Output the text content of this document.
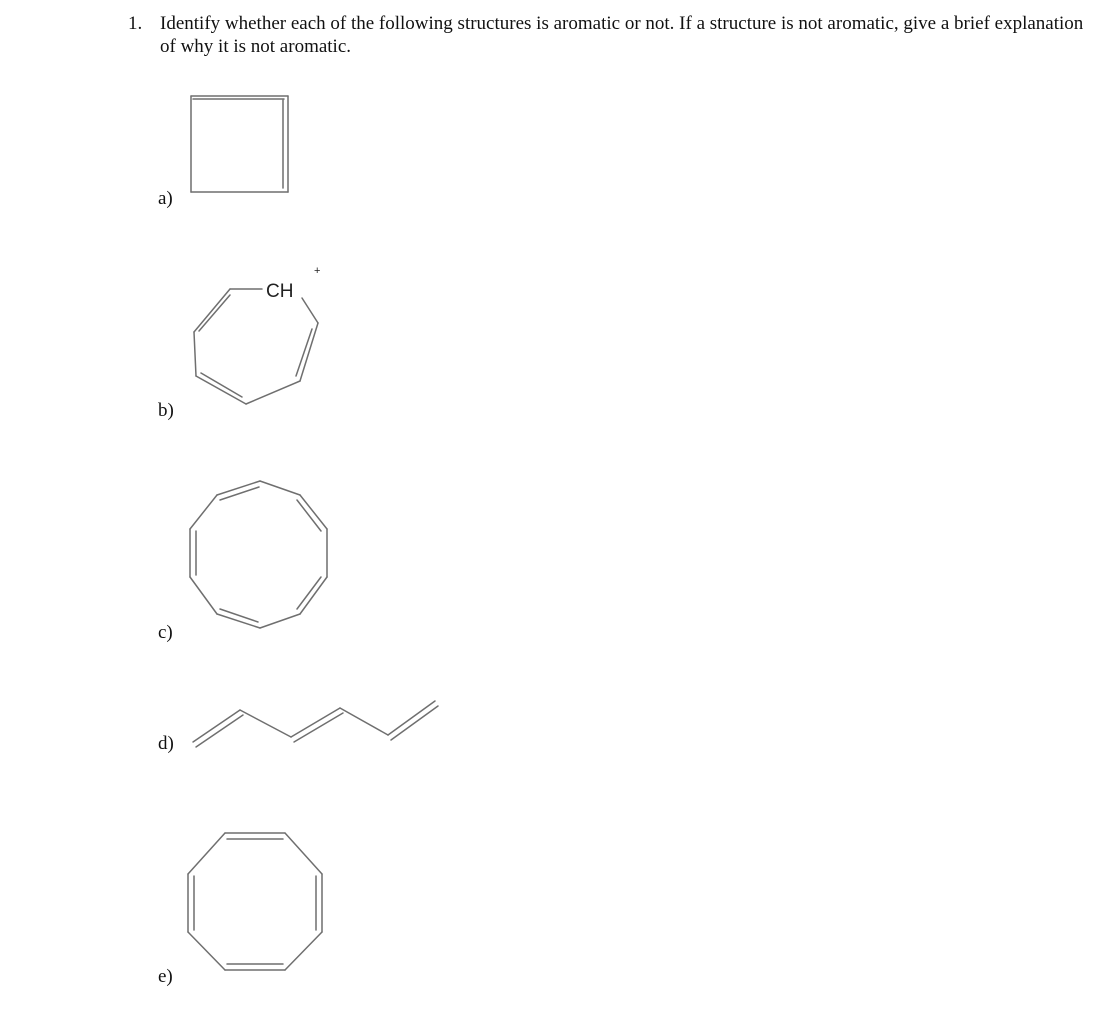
1. Identify whether each of the following structures is aromatic or not. If a structure is not aromatic, give a brief explanation of why it is not aromatic.
a)
b)
c)
d)
e)
CH
+
